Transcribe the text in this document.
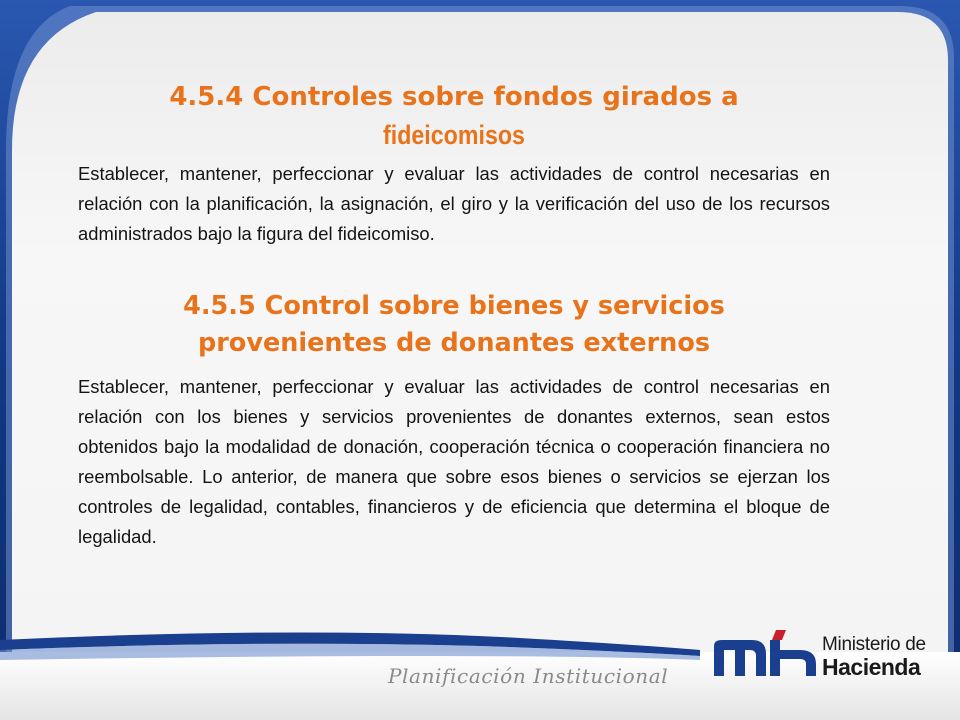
4.5.4 Controles sobre fondos girados a
fideicomisos

Establecer, mantener, perfeccionar y evaluar las actividades de control necesarias en relación con la planificación, la asignación, el giro y la verificación del uso de los recursos administrados bajo la figura del fideicomiso.

4.5.5 Control sobre bienes y servicios
provenientes de donantes externos

Establecer, mantener, perfeccionar y evaluar las actividades de control necesarias en relación con los bienes y servicios provenientes de donantes externos, sean estos obtenidos bajo la modalidad de donación, cooperación técnica o cooperación financiera no reembolsable. Lo anterior, de manera que sobre esos bienes o servicios se ejerzan los controles de legalidad, contables, financieros y de eficiencia que determina el bloque de legalidad.

Ministerio de
Hacienda
Planificación Institucional
